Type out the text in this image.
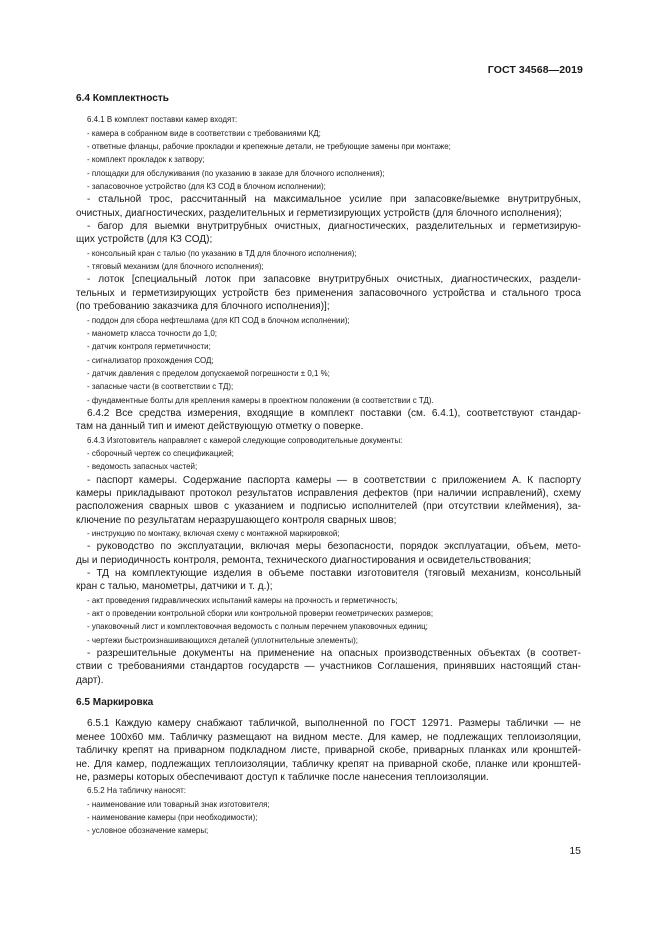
ГОСТ 34568—2019
6.4 Комплектность
6.4.1 В комплект поставки камер входят:
- камера в собранном виде в соответствии с требованиями КД;
- ответные фланцы, рабочие прокладки и крепежные детали, не требующие замены при монтаже;
- комплект прокладок к затвору;
- площадки для обслуживания (по указанию в заказе для блочного исполнения);
- запасовочное устройство (для КЗ СОД в блочном исполнении);
- стальной трос, рассчитанный на максимальное усилие при запасовке/выемке внутритрубных,
очистных, диагностических, разделительных и герметизирующих устройств (для блочного исполнения);
- багор для выемки внутритрубных очистных, диагностических, разделительных и герметизирую-
щих устройств (для КЗ СОД);
- консольный кран с талью (по указанию в ТД для блочного исполнения);
- тяговый механизм (для блочного исполнения);
- лоток [специальный лоток при запасовке внутритрубных очистных, диагностических, раздели-
тельных и герметизирующих устройств без применения запасовочного устройства и стального троса
(по требованию заказчика для блочного исполнения)];
- поддон для сбора нефтешлама (для КП СОД в блочном исполнении);
- манометр класса точности до 1,0;
- датчик контроля герметичности;
- сигнализатор прохождения СОД;
- датчик давления с пределом допускаемой погрешности ± 0,1 %;
- запасные части (в соответствии с ТД);
- фундаментные болты для крепления камеры в проектном положении (в соответствии с ТД).
6.4.2 Все средства измерения, входящие в комплект поставки (см. 6.4.1), соответствуют стандар-
там на данный тип и имеют действующую отметку о поверке.
6.4.3 Изготовитель направляет с камерой следующие сопроводительные документы:
- сборочный чертеж со спецификацией;
- ведомость запасных частей;
- паспорт камеры. Содержание паспорта камеры — в соответствии с приложением А. К паспорту
камеры прикладывают протокол результатов исправления дефектов (при наличии исправлений), схему
расположения сварных швов с указанием и подписью исполнителей (при отсутствии клеймения), за-
ключение по результатам неразрушающего контроля сварных швов;
- инструкцию по монтажу, включая схему с монтажной маркировкой;
- руководство по эксплуатации, включая меры безопасности, порядок эксплуатации, объем, мето-
ды и периодичность контроля, ремонта, технического диагностирования и освидетельствования;
- ТД на комплектующие изделия в объеме поставки изготовителя (тяговый механизм, консольный
кран с талью, манометры, датчики и т. д.);
- акт проведения гидравлических испытаний камеры на прочность и герметичность;
- акт о проведении контрольной сборки или контрольной проверки геометрических размеров;
- упаковочный лист и комплектовочная ведомость с полным перечнем упаковочных единиц;
- чертежи быстроизнашивающихся деталей (уплотнительные элементы);
- разрешительные документы на применение на опасных производственных объектах (в соответ-
ствии с требованиями стандартов государств — участников Соглашения, принявших настоящий стан-
дарт).
6.5 Маркировка
6.5.1 Каждую камеру снабжают табличкой, выполненной по ГОСТ 12971. Размеры таблички — не
менее 100x60 мм. Табличку размещают на видном месте. Для камер, не подлежащих теплоизоляции,
табличку крепят на приварном подкладном листе, приварной скобе, приварных планках или кронштей-
не. Для камер, подлежащих теплоизоляции, табличку крепят на приварной скобе, планке или кронштей-
не, размеры которых обеспечивают доступ к табличке после нанесения теплоизоляции.
6.5.2 На табличку наносят:
- наименование или товарный знак изготовителя;
- наименование камеры (при необходимости);
- условное обозначение камеры;
15
